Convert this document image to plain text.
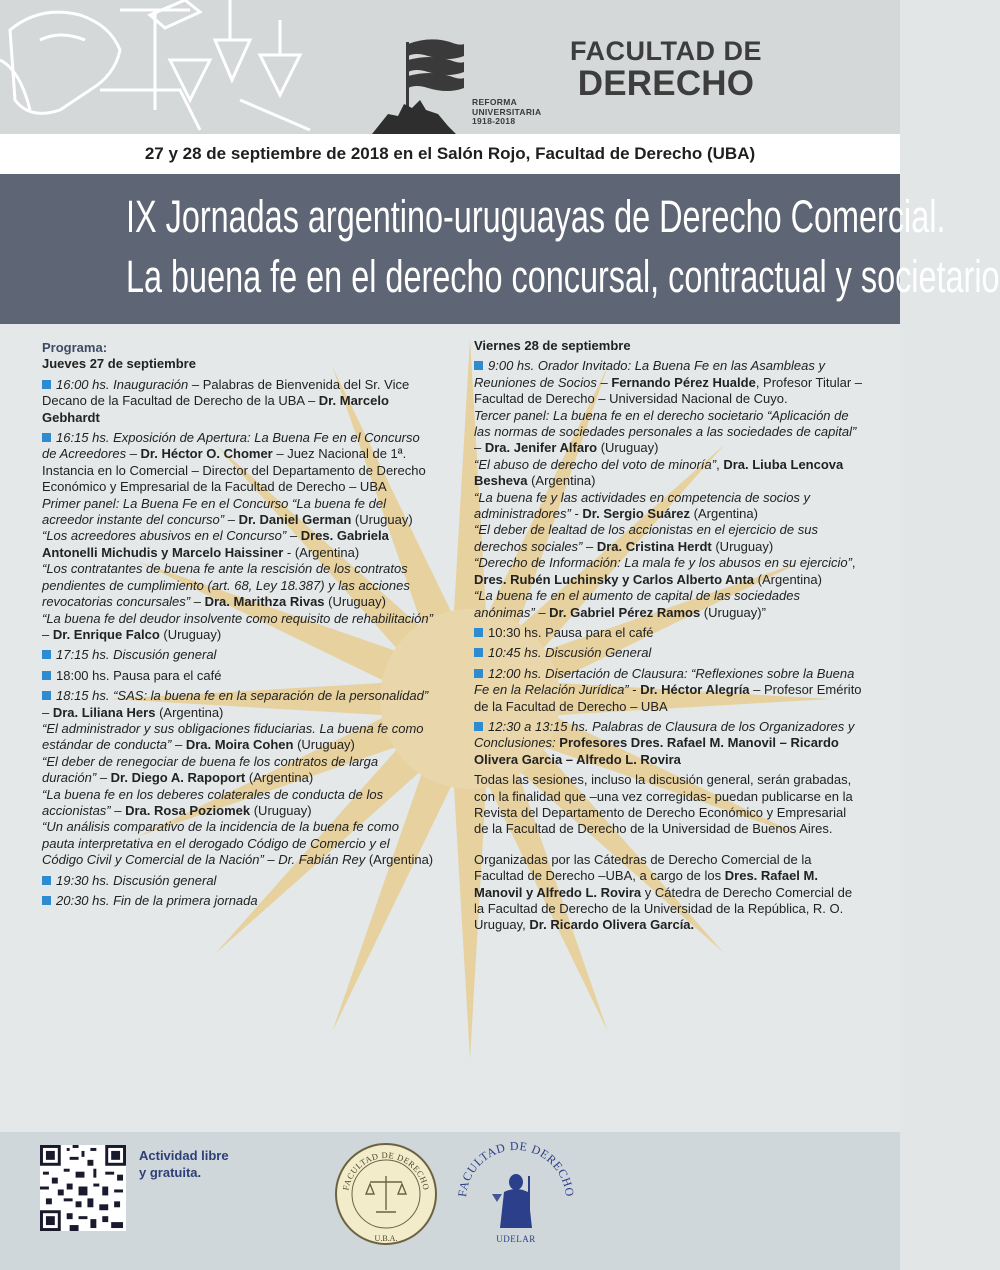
REFORMA
UNIVERSITARIA
1918-2018
FACULTAD DE
DERECHO
27 y 28 de septiembre de 2018 en el Salón Rojo, Facultad de Derecho (UBA)
IX Jornadas argentino-uruguayas de Derecho Comercial.
La buena fe en el derecho concursal, contractual y societario

Programa:

Jueves 27 de septiembre

16:00 hs. Inauguración – Palabras de Bienvenida del Sr. Vice Decano de la Facultad de Derecho de la UBA – Dr. Marcelo Gebhardt

16:15 hs. Exposición de Apertura: La Buena Fe en el Concurso de Acreedores – Dr. Héctor O. Chomer – Juez Nacional de 1ª. Instancia en lo Comercial – Director del Departamento de Derecho Económico y Empresarial de la Facultad de Derecho – UBA

Primer panel: La Buena Fe en el Concurso “La buena fe del acreedor instante del concurso” – Dr. Daniel German (Uruguay)

“Los acreedores abusivos en el Concurso” – Dres. Gabriela Antonelli Michudis y Marcelo Haissiner - (Argentina)

“Los contratantes de buena fe ante la rescisión de los contratos pendientes de cumplimiento (art. 68, Ley 18.387) y las acciones revocatorias concursales” – Dra. Marithza Rivas (Uruguay)

“La buena fe del deudor insolvente como requisito de rehabilitación” – Dr. Enrique Falco (Uruguay)

17:15 hs. Discusión general

18:00 hs. Pausa para el café

18:15 hs. “SAS: la buena fe en la separación de la personalidad” – Dra. Liliana Hers (Argentina)

“El administrador y sus obligaciones fiduciarias. La buena fe como estándar de conducta” – Dra. Moira Cohen (Uruguay)

“El deber de renegociar de buena fe los contratos de larga duración” – Dr. Diego A. Rapoport (Argentina)

“La buena fe en los deberes colaterales de conducta de los accionistas” – Dra. Rosa Poziomek (Uruguay)

“Un análisis comparativo de la incidencia de la buena fe como pauta interpretativa en el derogado Código de Comercio y el Código Civil y Comercial de la Nación” – Dr. Fabián Rey (Argentina)

19:30 hs. Discusión general

20:30 hs. Fin de la primera jornada

Viernes 28 de septiembre

9:00 hs. Orador Invitado: La Buena Fe en las Asambleas y Reuniones de Socios – Fernando Pérez Hualde, Profesor Titular – Facultad de Derecho – Universidad Nacional de Cuyo.

Tercer panel: La buena fe en el derecho societario “Aplicación de las normas de sociedades personales a las sociedades de capital” – Dra. Jenifer Alfaro (Uruguay)

“El abuso de derecho del voto de minoría”, Dra. Liuba Lencova Besheva (Argentina)

“La buena fe y las actividades en competencia de socios y administradores” - Dr. Sergio Suárez (Argentina)

“El deber de lealtad de los accionistas en el ejercicio de sus derechos sociales” – Dra. Cristina Herdt (Uruguay)

“Derecho de Información: La mala fe y los abusos en su ejercicio”, Dres. Rubén Luchinsky y Carlos Alberto Anta (Argentina)

“La buena fe en el aumento de capital de las sociedades anónimas” – Dr. Gabriel Pérez Ramos (Uruguay)”

10:30 hs. Pausa para el café

10:45 hs. Discusión General

12:00 hs. Disertación de Clausura: “Reflexiones sobre la Buena Fe en la Relación Jurídica” - Dr. Héctor Alegría – Profesor Emérito de la Facultad de Derecho – UBA

12:30 a 13:15 hs. Palabras de Clausura de los Organizadores y Conclusiones: Profesores Dres. Rafael M. Manovil – Ricardo Olivera Garcia – Alfredo L. Rovira

Todas las sesiones, incluso la discusión general, serán grabadas, con la finalidad que –una vez corregidas- puedan publicarse en la Revista del Departamento de Derecho Económico y Empresarial de la Facultad de Derecho de la Universidad de Buenos Aires.

Organizadas por las Cátedras de Derecho Comercial de la Facultad de Derecho –UBA, a cargo de los Dres. Rafael M. Manovil y Alfredo L. Rovira y Cátedra de Derecho Comercial de la Facultad de Derecho de la Universidad de la República, R. O. Uruguay, Dr. Ricardo Olivera García.

Actividad libre
y gratuita.
FACULTAD DE DERECHO
U.B.A.
FACULTAD DE DERECHO
UDELAR
